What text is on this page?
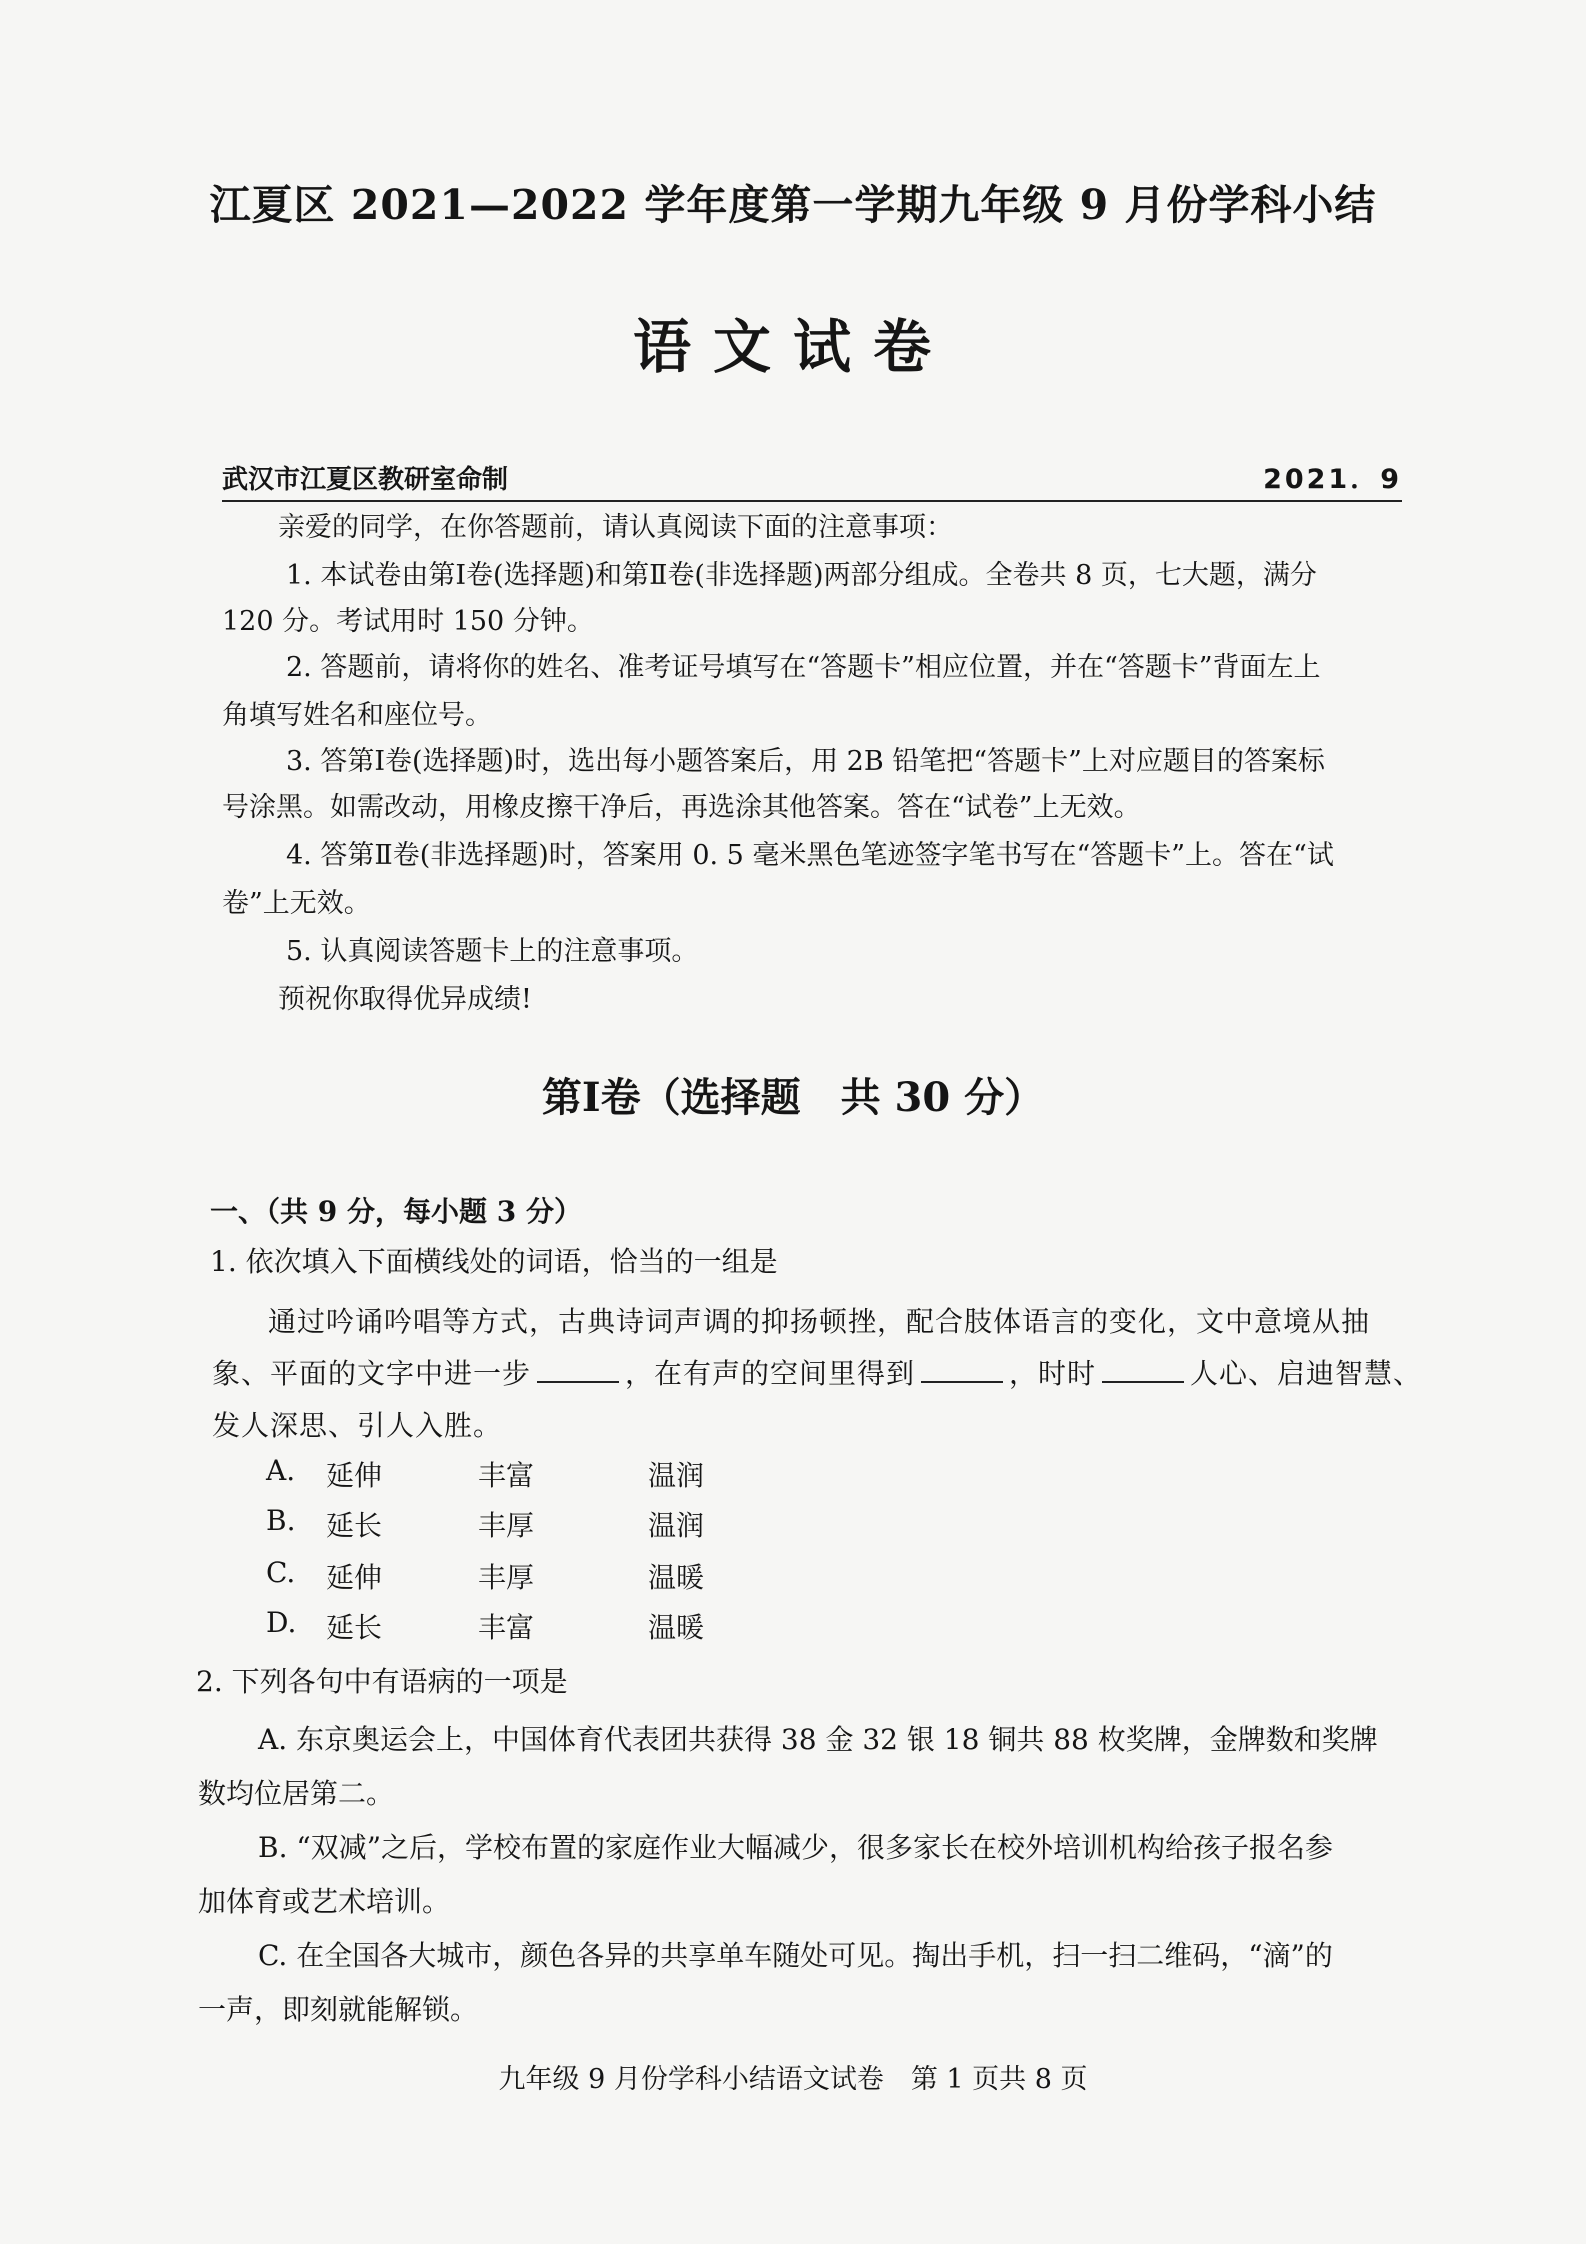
江夏区 2021—2022 学年度第一学期九年级 9 月份学科小结
语文试卷
武汉市江夏区教研室命制	2021．9
亲爱的同学，在你答题前，请认真阅读下面的注意事项：
1. 本试卷由第Ⅰ卷(选择题)和第Ⅱ卷(非选择题)两部分组成。全卷共 8 页，七大题，满分
120 分。考试用时 150 分钟。
2. 答题前，请将你的姓名、准考证号填写在“答题卡”相应位置，并在“答题卡”背面左上
角填写姓名和座位号。
3. 答第Ⅰ卷(选择题)时，选出每小题答案后，用 2B 铅笔把“答题卡”上对应题目的答案标
号涂黑。如需改动，用橡皮擦干净后，再选涂其他答案。答在“试卷”上无效。
4. 答第Ⅱ卷(非选择题)时，答案用 0. 5 毫米黑色笔迹签字笔书写在“答题卡”上。答在“试
卷”上无效。
5. 认真阅读答题卡上的注意事项。
预祝你取得优异成绩!
第Ⅰ卷（选择题　共 30 分）
一、（共 9 分，每小题 3 分）
1. 依次填入下面横线处的词语，恰当的一组是
通过吟诵吟唱等方式，古典诗词声调的抑扬顿挫，配合肢体语言的变化，文中意境从抽
象、平面的文字中进一步	，在有声的空间里得到	，时时	人心、启迪智慧、
发人深思、引人入胜。
A. 延伸	丰富	温润
B. 延长	丰厚	温润
C. 延伸	丰厚	温暖
D. 延长	丰富	温暖
2. 下列各句中有语病的一项是
A. 东京奥运会上，中国体育代表团共获得 38 金 32 银 18 铜共 88 枚奖牌，金牌数和奖牌
数均位居第二。
B. “双减”之后，学校布置的家庭作业大幅减少，很多家长在校外培训机构给孩子报名参
加体育或艺术培训。
C. 在全国各大城市，颜色各异的共享单车随处可见。掏出手机，扫一扫二维码，“滴”的
一声，即刻就能解锁。
九年级 9 月份学科小结语文试卷　第 1 页共 8 页
